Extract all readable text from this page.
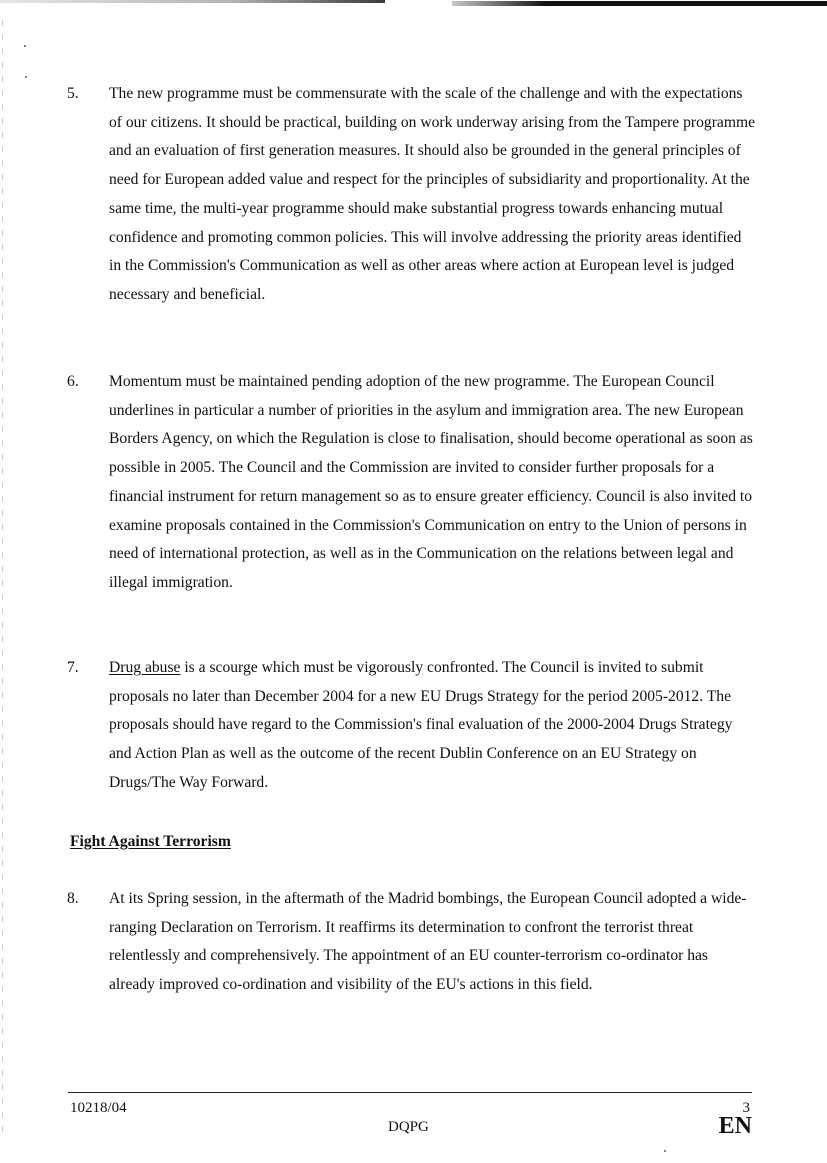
5.	The new programme must be commensurate with the scale of the challenge and with the expectations of our citizens. It should be practical, building on work underway arising from the Tampere programme and an evaluation of first generation measures. It should also be grounded in the general principles of need for European added value and respect for the principles of subsidiarity and proportionality. At the same time, the multi-year programme should make substantial progress towards enhancing mutual confidence and promoting common policies. This will involve addressing the priority areas identified in the Commission's Communication as well as other areas where action at European level is judged necessary and beneficial.
6.	Momentum must be maintained pending adoption of the new programme. The European Council underlines in particular a number of priorities in the asylum and immigration area. The new European Borders Agency, on which the Regulation is close to finalisation, should become operational as soon as possible in 2005. The Council and the Commission are invited to consider further proposals for a financial instrument for return management so as to ensure greater efficiency. Council is also invited to examine proposals contained in the Commission's Communication on entry to the Union of persons in need of international protection, as well as in the Communication on the relations between legal and illegal immigration.
7.	Drug abuse is a scourge which must be vigorously confronted. The Council is invited to submit proposals no later than December 2004 for a new EU Drugs Strategy for the period 2005-2012. The proposals should have regard to the Commission's final evaluation of the 2000-2004 Drugs Strategy and Action Plan as well as the outcome of the recent Dublin Conference on an EU Strategy on Drugs/The Way Forward.
Fight Against Terrorism
8.	At its Spring session, in the aftermath of the Madrid bombings, the European Council adopted a wide-ranging Declaration on Terrorism. It reaffirms its determination to confront the terrorist threat relentlessly and comprehensively. The appointment of an EU counter-terrorism co-ordinator has already improved co-ordination and visibility of the EU's actions in this field.
10218/04
DQPG
3
EN
